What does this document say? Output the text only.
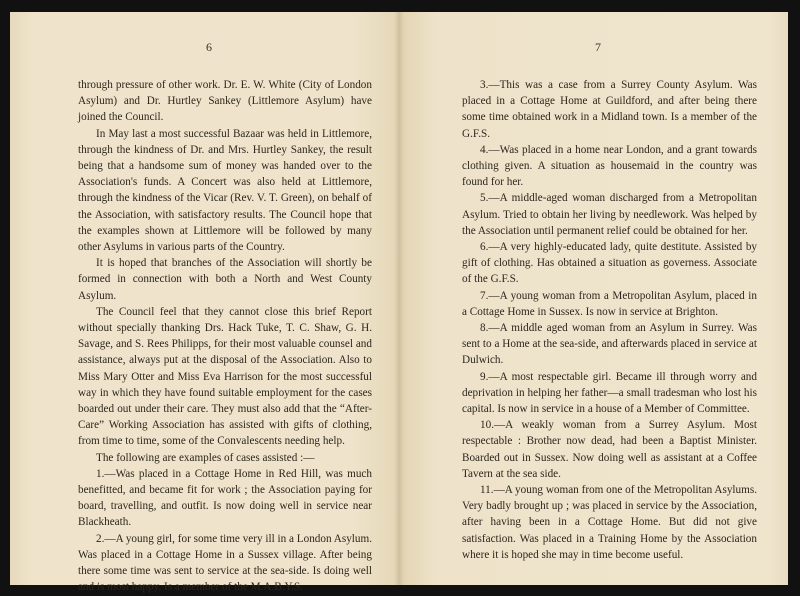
6

through pressure of other work. Dr. E. W. White (City of London Asylum) and Dr. Hurtley Sankey (Littlemore Asylum) have joined the Council.

In May last a most successful Bazaar was held in Littlemore, through the kindness of Dr. and Mrs. Hurtley Sankey, the result being that a handsome sum of money was handed over to the Association's funds. A Concert was also held at Littlemore, through the kindness of the Vicar (Rev. V. T. Green), on behalf of the Association, with satisfactory results. The Council hope that the examples shown at Littlemore will be followed by many other Asylums in various parts of the Country.

It is hoped that branches of the Association will shortly be formed in connection with both a North and West County Asylum.

The Council feel that they cannot close this brief Report without specially thanking Drs. Hack Tuke, T. C. Shaw, G. H. Savage, and S. Rees Philipps, for their most valuable counsel and assistance, always put at the disposal of the Association. Also to Miss Mary Otter and Miss Eva Harrison for the most successful way in which they have found suitable employment for the cases boarded out under their care. They must also add that the “After-Care” Working Association has assisted with gifts of clothing, from time to time, some of the Convalescents needing help.

The following are examples of cases assisted :—

1.—Was placed in a Cottage Home in Red Hill, was much benefitted, and became fit for work ; the Association paying for board, travelling, and outfit. Is now doing well in service near Blackheath.

2.—A young girl, for some time very ill in a London Asylum. Was placed in a Cottage Home in a Sussex village. After being there some time was sent to service at the sea-side. Is doing well and is most happy. Is a member of the M.A.B.Y.S.

7

3.—This was a case from a Surrey County Asylum. Was placed in a Cottage Home at Guildford, and after being there some time obtained work in a Midland town. Is a member of the G.F.S.

4.—Was placed in a home near London, and a grant towards clothing given. A situation as housemaid in the country was found for her.

5.—A middle-aged woman discharged from a Metropolitan Asylum. Tried to obtain her living by needlework. Was helped by the Association until permanent relief could be obtained for her.

6.—A very highly-educated lady, quite destitute. Assisted by gift of clothing. Has obtained a situation as governess. Associate of the G.F.S.

7.—A young woman from a Metropolitan Asylum, placed in a Cottage Home in Sussex. Is now in service at Brighton.

8.—A middle aged woman from an Asylum in Surrey. Was sent to a Home at the sea-side, and afterwards placed in service at Dulwich.

9.—A most respectable girl. Became ill through worry and deprivation in helping her father—a small tradesman who lost his capital. Is now in service in a house of a Member of Committee.

10.—A weakly woman from a Surrey Asylum. Most respectable : Brother now dead, had been a Baptist Minister. Boarded out in Sussex. Now doing well as assistant at a Coffee Tavern at the sea side.

11.—A young woman from one of the Metropolitan Asylums. Very badly brought up ; was placed in service by the Association, after having been in a Cottage Home. But did not give satisfaction. Was placed in a Training Home by the Association where it is hoped she may in time become useful.
